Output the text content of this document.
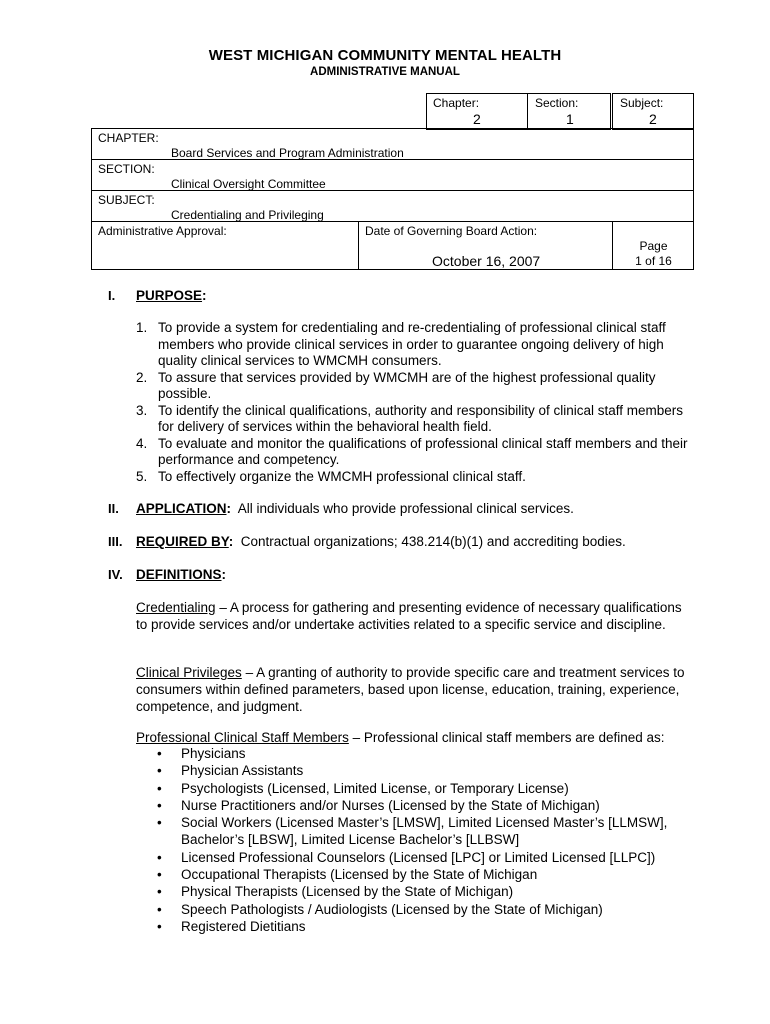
WEST MICHIGAN COMMUNITY MENTAL HEALTH
ADMINISTRATIVE MANUAL
Chapter:
2
Section:
1
Subject:
2
CHAPTER:
Board Services and Program Administration
SECTION:
Clinical Oversight Committee
SUBJECT:
Credentialing and Privileging
Administrative Approval:	Date of Governing Board Action:
October 16, 2007
Page
1 of 16
I. PURPOSE:
1. To provide a system for credentialing and re-credentialing of professional clinical staff members who provide clinical services in order to guarantee ongoing delivery of high quality clinical services to WMCMH consumers.
2. To assure that services provided by WMCMH are of the highest professional quality possible.
3. To identify the clinical qualifications, authority and responsibility of clinical staff members for delivery of services within the behavioral health field.
4. To evaluate and monitor the qualifications of professional clinical staff members and their performance and competency.
5. To effectively organize the WMCMH professional clinical staff.
II. APPLICATION: All individuals who provide professional clinical services.
III. REQUIRED BY: Contractual organizations; 438.214(b)(1) and accrediting bodies.
IV. DEFINITIONS:
Credentialing – A process for gathering and presenting evidence of necessary qualifications to provide services and/or undertake activities related to a specific service and discipline.
Clinical Privileges – A granting of authority to provide specific care and treatment services to consumers within defined parameters, based upon license, education, training, experience, competence, and judgment.
Professional Clinical Staff Members – Professional clinical staff members are defined as:
• Physicians
• Physician Assistants
• Psychologists (Licensed, Limited License, or Temporary License)
• Nurse Practitioners and/or Nurses (Licensed by the State of Michigan)
• Social Workers (Licensed Master’s [LMSW], Limited Licensed Master’s [LLMSW], Bachelor’s [LBSW], Limited License Bachelor’s [LLBSW]
• Licensed Professional Counselors (Licensed [LPC] or Limited Licensed [LLPC])
• Occupational Therapists (Licensed by the State of Michigan
• Physical Therapists (Licensed by the State of Michigan)
• Speech Pathologists / Audiologists (Licensed by the State of Michigan)
• Registered Dietitians
